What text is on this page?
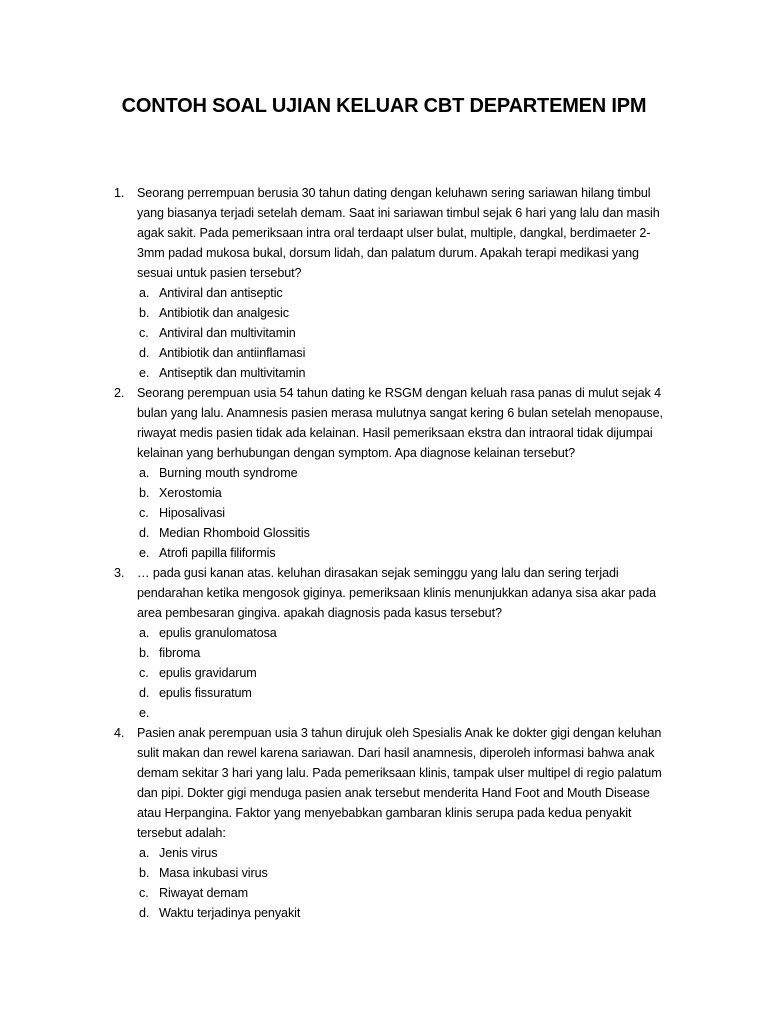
CONTOH SOAL UJIAN KELUAR CBT DEPARTEMEN IPM
1. Seorang perrempuan berusia 30 tahun dating dengan keluhawn sering sariawan hilang timbul yang biasanya terjadi setelah demam. Saat ini sariawan timbul sejak 6 hari yang lalu dan masih agak sakit. Pada pemeriksaan intra oral terdaapt ulser bulat, multiple, dangkal, berdimaeter 2-3mm padad mukosa bukal, dorsum lidah, dan palatum durum. Apakah terapi medikasi yang sesuai untuk pasien tersebut?
a. Antiviral dan antiseptic
b. Antibiotik dan analgesic
c. Antiviral dan multivitamin
d. Antibiotik dan antiinflamasi
e. Antiseptik dan multivitamin
2. Seorang perempuan usia 54 tahun dating ke RSGM dengan keluah rasa panas di mulut sejak 4 bulan yang lalu. Anamnesis pasien merasa mulutnya sangat kering 6 bulan setelah menopause, riwayat medis pasien tidak ada kelainan. Hasil pemeriksaan ekstra dan intraoral tidak dijumpai kelainan yang berhubungan dengan symptom. Apa diagnose kelainan tersebut?
a. Burning mouth syndrome
b. Xerostomia
c. Hiposalivasi
d. Median Rhomboid Glossitis
e. Atrofi papilla filiformis
3. … pada gusi kanan atas. keluhan dirasakan sejak seminggu yang lalu dan sering terjadi pendarahan ketika mengosok giginya. pemeriksaan klinis menunjukkan adanya sisa akar pada area pembesaran gingiva. apakah diagnosis pada kasus tersebut?
a. epulis granulomatosa
b. fibroma
c. epulis gravidarum
d. epulis fissuratum
e.
4. Pasien anak perempuan usia 3 tahun dirujuk oleh Spesialis Anak ke dokter gigi dengan keluhan sulit makan dan rewel karena sariawan. Dari hasil anamnesis, diperoleh informasi bahwa anak demam sekitar 3 hari yang lalu. Pada pemeriksaan klinis, tampak ulser multipel di regio palatum dan pipi. Dokter gigi menduga pasien anak tersebut menderita Hand Foot and Mouth Disease atau Herpangina. Faktor yang menyebabkan gambaran klinis serupa pada kedua penyakit tersebut adalah:
a. Jenis virus
b. Masa inkubasi virus
c. Riwayat demam
d. Waktu terjadinya penyakit
